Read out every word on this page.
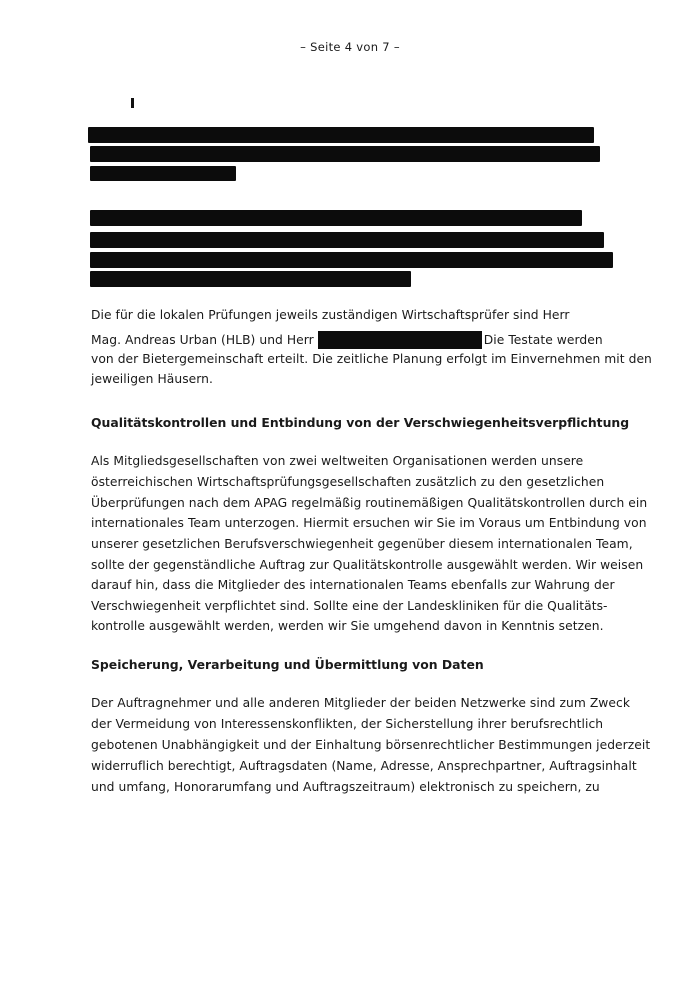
– Seite 4 von 7 –
Die für die lokalen Prüfungen jeweils zuständigen Wirtschaftsprüfer sind Herr
Mag. Andreas Urban (HLB) und Herr	Die Testate werden
von der Bietergemeinschaft erteilt. Die zeitliche Planung erfolgt im Einvernehmen mit den
jeweiligen Häusern.
Qualitätskontrollen und Entbindung von der Verschwiegenheitsverpflichtung
Als Mitgliedsgesellschaften von zwei weltweiten Organisationen werden unsere
österreichischen Wirtschaftsprüfungsgesellschaften zusätzlich zu den gesetzlichen
Überprüfungen nach dem APAG regelmäßig routinemäßigen Qualitätskontrollen durch ein
internationales Team unterzogen. Hiermit ersuchen wir Sie im Voraus um Entbindung von
unserer gesetzlichen Berufsverschwiegenheit gegenüber diesem internationalen Team,
sollte der gegenständliche Auftrag zur Qualitätskontrolle ausgewählt werden. Wir weisen
darauf hin, dass die Mitglieder des internationalen Teams ebenfalls zur Wahrung der
Verschwiegenheit verpflichtet sind. Sollte eine der Landeskliniken für die Qualitäts-
kontrolle ausgewählt werden, werden wir Sie umgehend davon in Kenntnis setzen.
Speicherung, Verarbeitung und Übermittlung von Daten
Der Auftragnehmer und alle anderen Mitglieder der beiden Netzwerke sind zum Zweck
der Vermeidung von Interessenskonflikten, der Sicherstellung ihrer berufsrechtlich
gebotenen Unabhängigkeit und der Einhaltung börsenrechtlicher Bestimmungen jederzeit
widerruflich berechtigt, Auftragsdaten (Name, Adresse, Ansprechpartner, Auftragsinhalt
und umfang, Honorarumfang und Auftragszeitraum) elektronisch zu speichern, zu
